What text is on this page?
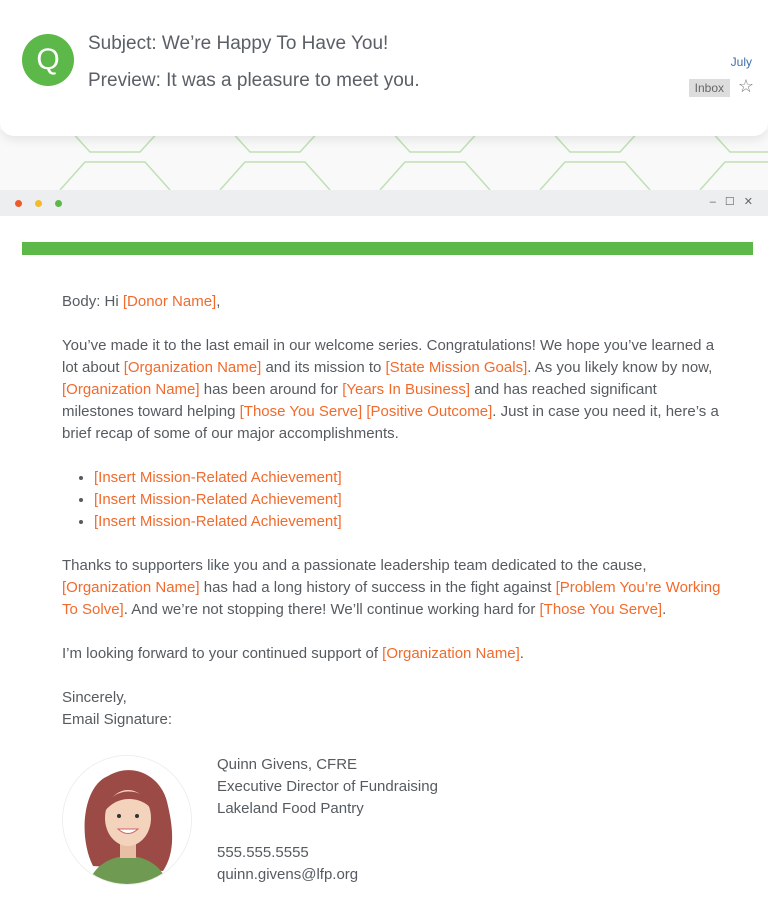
Q	Subject: We’re Happy To Have You!
Preview: It was a pleasure to meet you.
July
Inbox ☆
– ☐ ✕

Body: Hi [Donor Name],

You’ve made it to the last email in our welcome series. Congratulations! We hope you’ve learned a lot about [Organization Name] and its mission to [State Mission Goals]. As you likely know by now, [Organization Name] has been around for [Years In Business] and has reached significant milestones toward helping [Those You Serve] [Positive Outcome]. Just in case you need it, here’s a brief recap of some of our major accomplishments.

• [Insert Mission-Related Achievement]
• [Insert Mission-Related Achievement]
• [Insert Mission-Related Achievement]

Thanks to supporters like you and a passionate leadership team dedicated to the cause, [Organization Name] has had a long history of success in the fight against [Problem You’re Working To Solve]. And we’re not stopping there! We’ll continue working hard for [Those You Serve].

I’m looking forward to your continued support of [Organization Name].

Sincerely,
Email Signature:
Quinn Givens, CFRE
Executive Director of Fundraising
Lakeland Food Pantry
555.555.5555
quinn.givens@lfp.org
